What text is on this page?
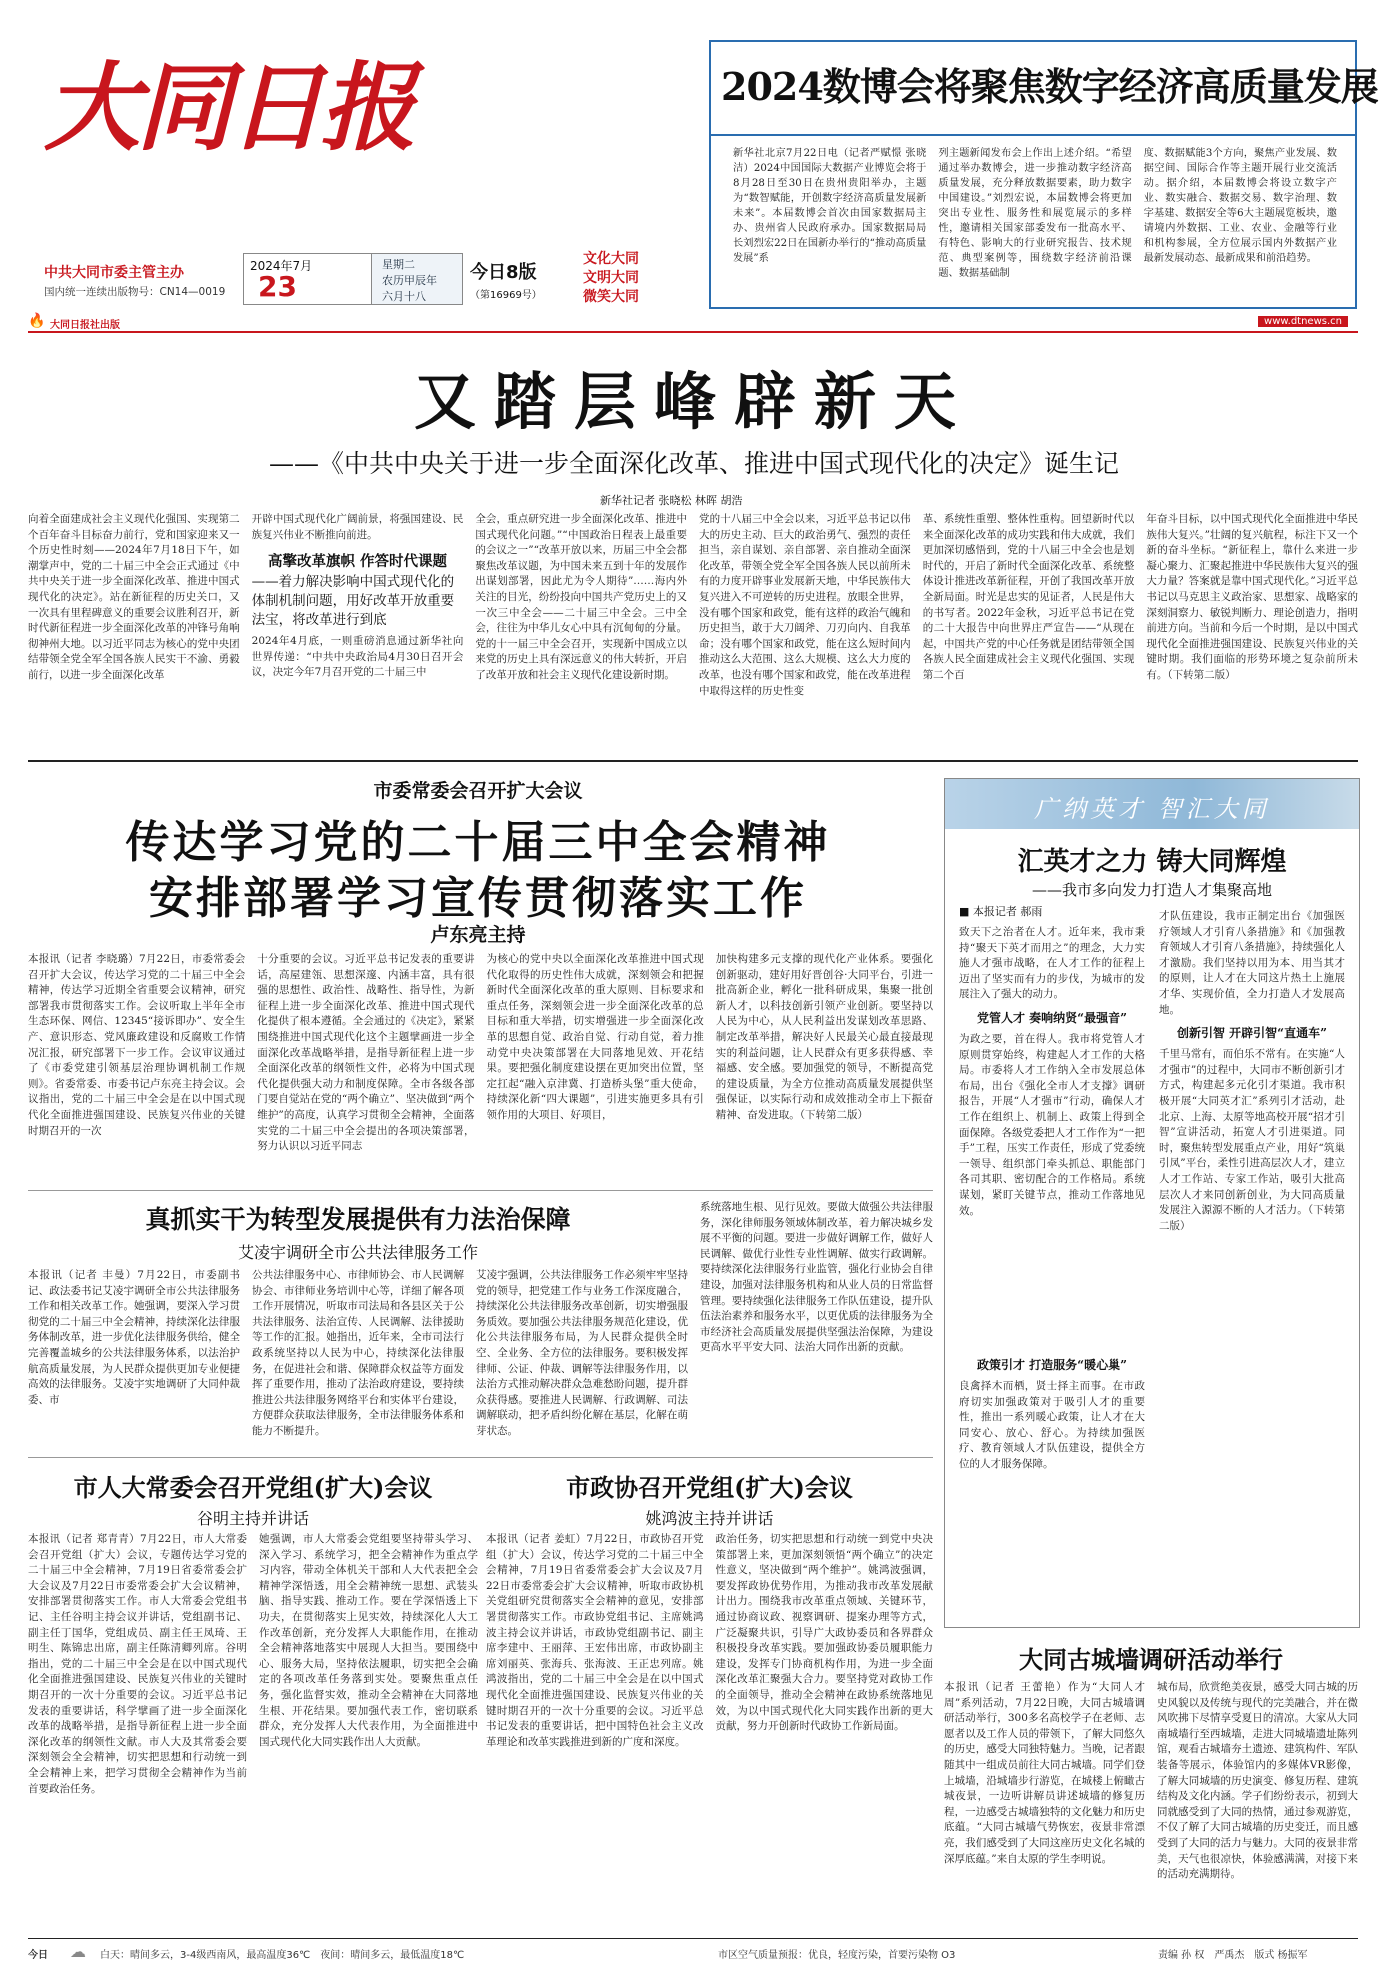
大同日报
中共大同市委主管主办
国内统一连续出版物号：CN14—0019
2024年7月
23
星期二
农历甲辰年
六月十八
今日8版
（第16969号）
文化大同
文明大同
微笑大同
2024数博会将聚焦数字经济高质量发展
新华社北京7月22日电（记者严赋憬 张晓洁）2024中国国际大数据产业博览会将于8月28日至30日在贵州贵阳举办，主题为“数智赋能，开创数字经济高质量发展新未来”。本届数博会首次由国家数据局主办、贵州省人民政府承办。国家数据局局长刘烈宏22日在国新办举行的“推动高质量发展”系
列主题新闻发布会上作出上述介绍。“希望通过举办数博会，进一步推动数字经济高质量发展，充分释放数据要素，助力数字中国建设。”刘烈宏说，本届数博会将更加突出专业性、服务性和展览展示的多样性，邀请相关国家部委发布一批高水平、有特色、影响大的行业研究报告、技术规范、典型案例等，围绕数字经济前沿课题、数据基础制
度、数据赋能3个方向，聚焦产业发展、数据空间、国际合作等主题开展行业交流活动。据介绍，本届数博会将设立数字产业、数实融合、数据交易、数字治理、数字基建、数据安全等6大主题展览板块，邀请境内外数据、工业、农业、金融等行业和机构参展，全方位展示国内外数据产业最新发展动态、最新成果和前沿趋势。
🔥 大同日报社出版	www.dtnews.cn
又踏层峰辟新天
——《中共中央关于进一步全面深化改革、推进中国式现代化的决定》诞生记
新华社记者 张晓松 林晖 胡浩
向着全面建成社会主义现代化强国、实现第二个百年奋斗目标奋力前行，党和国家迎来又一个历史性时刻——2024年7月18日下午，如潮掌声中，党的二十届三中全会正式通过《中共中央关于进一步全面深化改革、推进中国式现代化的决定》。站在新征程的历史关口，又一次具有里程碑意义的重要会议胜利召开，新时代新征程进一步全面深化改革的冲锋号角响彻神州大地。以习近平同志为核心的党中央团结带领全党全军全国各族人民实干不渝、勇毅前行，以进一步全面深化改革
开辟中国式现代化广阔前景，将强国建设、民族复兴伟业不断推向前进。
高擎改革旗帜 作答时代课题
——着力解决影响中国式现代化的体制机制问题，用好改革开放重要法宝，将改革进行到底
2024年4月底，一则重磅消息通过新华社向世界传递：“中共中央政治局4月30日召开会议，决定今年7月召开党的二十届三中
全会，重点研究进一步全面深化改革、推进中国式现代化问题。”“中国政治日程表上最重要的会议之一”“改革开放以来，历届三中全会都聚焦改革议题，为中国未来五到十年的发展作出谋划部署，因此尤为令人期待”……海内外关注的目光，纷纷投向中国共产党历史上的又一次三中全会——二十届三中全会。三中全会，往往为中华儿女心中具有沉甸甸的分量。党的十一届三中全会召开，实现新中国成立以来党的历史上具有深远意义的伟大转折，开启了改革开放和社会主义现代化建设新时期。
党的十八届三中全会以来，习近平总书记以伟大的历史主动、巨大的政治勇气、强烈的责任担当，亲自谋划、亲自部署、亲自推动全面深化改革，带领全党全军全国各族人民以前所未有的力度开辟事业发展新天地，中华民族伟大复兴进入不可逆转的历史进程。放眼全世界，没有哪个国家和政党，能有这样的政治气魄和历史担当，敢于大刀阔斧、刀刃向内、自我革命；没有哪个国家和政党，能在这么短时间内推动这么大范围、这么大规模、这么大力度的改革，也没有哪个国家和政党，能在改革进程中取得这样的历史性变
革、系统性重塑、整体性重构。回望新时代以来全面深化改革的成功实践和伟大成就，我们更加深切感悟到，党的十八届三中全会也是划时代的，开启了新时代全面深化改革、系统整体设计推进改革新征程，开创了我国改革开放全新局面。时光是忠实的见证者，人民是伟大的书写者。2022年金秋，习近平总书记在党的二十大报告中向世界庄严宣告——“从现在起，中国共产党的中心任务就是团结带领全国各族人民全面建成社会主义现代化强国、实现第二个百
年奋斗目标，以中国式现代化全面推进中华民族伟大复兴。”壮阔的复兴航程，标注下又一个新的奋斗坐标。“新征程上，靠什么来进一步凝心聚力、汇聚起推进中华民族伟大复兴的强大力量？答案就是靠中国式现代化。”习近平总书记以马克思主义政治家、思想家、战略家的深刻洞察力、敏锐判断力、理论创造力，指明前进方向。当前和今后一个时期，是以中国式现代化全面推进强国建设、民族复兴伟业的关键时期。我们面临的形势环境之复杂前所未有。（下转第二版）
市委常委会召开扩大会议
传达学习党的二十届三中全会精神
安排部署学习宣传贯彻落实工作
卢东亮主持
本报讯（记者 李晓璐）7月22日，市委常委会召开扩大会议，传达学习党的二十届三中全会精神，传达学习近期全省重要会议精神，研究部署我市贯彻落实工作。会议听取上半年全市生态环保、网信、12345“接诉即办”、安全生产、意识形态、党风廉政建设和反腐败工作情况汇报，研究部署下一步工作。会议审议通过了《市委党建引领基层治理协调机制工作规则》。省委常委、市委书记卢东亮主持会议。会议指出，党的二十届三中全会是在以中国式现代化全面推进强国建设、民族复兴伟业的关键时期召开的一次
十分重要的会议。习近平总书记发表的重要讲话，高屋建瓴、思想深邃、内涵丰富，具有很强的思想性、政治性、战略性、指导性，为新征程上进一步全面深化改革、推进中国式现代化提供了根本遵循。全会通过的《决定》，紧紧围绕推进中国式现代化这个主题擘画进一步全面深化改革战略举措，是指导新征程上进一步全面深化改革的纲领性文件，必将为中国式现代化提供强大动力和制度保障。全市各级各部门要自觉站在党的“两个确立”、坚决做到“两个维护”的高度，认真学习贯彻全会精神，全面落实党的二十届三中全会提出的各项决策部署，努力认识以习近平同志
为核心的党中央以全面深化改革推进中国式现代化取得的历史性伟大成就，深刻领会和把握新时代全面深化改革的重大原则、目标要求和重点任务，深刻领会进一步全面深化改革的总目标和重大举措，切实增强进一步全面深化改革的思想自觉、政治自觉、行动自觉，着力推动党中央决策部署在大同落地见效、开花结果。要把强化制度建设摆在更加突出位置，坚定扛起“融入京津冀、打造桥头堡”重大使命，持续深化新“四大课题”，引进实施更多具有引领作用的大项目、好项目，
加快构建多元支撑的现代化产业体系。要强化创新驱动，建好用好晋创谷·大同平台，引进一批高新企业，孵化一批科研成果，集聚一批创新人才，以科技创新引领产业创新。要坚持以人民为中心，从人民利益出发谋划改革思路、制定改革举措，解决好人民最关心最直接最现实的利益问题，让人民群众有更多获得感、幸福感、安全感。要加强党的领导，不断提高党的建设质量，为全方位推动高质量发展提供坚强保证，以实际行动和成效推动全市上下振奋精神、奋发进取。（下转第二版）
真抓实干为转型发展提供有力法治保障
艾凌宇调研全市公共法律服务工作
本报讯（记者 丰曼）7月22日，市委副书记、政法委书记艾凌宇调研全市公共法律服务工作和相关改革工作。她强调，要深入学习贯彻党的二十届三中全会精神，持续深化法律服务体制改革，进一步优化法律服务供给，健全完善覆盖城乡的公共法律服务体系，以法治护航高质量发展，为人民群众提供更加专业便捷高效的法律服务。艾凌宇实地调研了大同仲裁委、市
公共法律服务中心、市律师协会、市人民调解协会、市律师业务培训中心等，详细了解各项工作开展情况，听取市司法局和各县区关于公共法律服务、法治宣传、人民调解、法律援助等工作的汇报。她指出，近年来，全市司法行政系统坚持以人民为中心，持续深化法律服务，在促进社会和谐、保障群众权益等方面发挥了重要作用，推动了法治政府建设，要持续推进公共法律服务网络平台和实体平台建设，方便群众获取法律服务，全市法律服务体系和能力不断提升。
艾凌宇强调，公共法律服务工作必须牢牢坚持党的领导，把党建工作与业务工作深度融合，持续深化公共法律服务改革创新，切实增强服务质效。要加强公共法律服务规范化建设，优化公共法律服务布局，为人民群众提供全时空、全业务、全方位的法律服务。要积极发挥律师、公证、仲裁、调解等法律服务作用，以法治方式推动解决群众急难愁盼问题，提升群众获得感。要推进人民调解、行政调解、司法调解联动，把矛盾纠纷化解在基层，化解在萌芽状态。
系统落地生根、见行见效。要做大做强公共法律服务，深化律师服务领域体制改革，着力解决城乡发展不平衡的问题。要进一步做好调解工作，做好人民调解、做优行业性专业性调解、做实行政调解。要持续深化法律服务行业监管，强化行业协会自律建设，加强对法律服务机构和从业人员的日常监督管理。要持续强化法律服务工作队伍建设，提升队伍法治素养和服务水平，以更优质的法律服务为全市经济社会高质量发展提供坚强法治保障，为建设更高水平平安大同、法治大同作出新的贡献。
市人大常委会召开党组(扩大)会议
谷明主持并讲话
本报讯（记者 郑青青）7月22日，市人大常委会召开党组（扩大）会议，专题传达学习党的二十届三中全会精神，7月19日省委常委会扩大会议及7月22日市委常委会扩大会议精神，安排部署贯彻落实工作。市人大常委会党组书记、主任谷明主持会议并讲话，党组副书记、副主任丁国华，党组成员、副主任王凤琦、王明生、陈锦忠出席，副主任陈清卿列席。谷明指出，党的二十届三中全会是在以中国式现代化全面推进强国建设、民族复兴伟业的关键时期召开的一次十分重要的会议。习近平总书记发表的重要讲话，科学擘画了进一步全面深化改革的战略举措，是指导新征程上进一步全面深化改革的纲领性文献。市人大及其常委会要深刻领会全会精神，切实把思想和行动统一到全会精神上来，把学习贯彻全会精神作为当前首要政治任务。
她强调，市人大常委会党组要坚持带头学习、深入学习、系统学习，把全会精神作为重点学习内容，带动全体机关干部和人大代表把全会精神学深悟透，用全会精神统一思想、武装头脑、指导实践、推动工作。要在学深悟透上下功夫，在贯彻落实上见实效，持续深化人大工作改革创新，充分发挥人大职能作用，在推动全会精神落地落实中展现人大担当。要围绕中心、服务大局，坚持依法履职，切实把全会确定的各项改革任务落到实处。要聚焦重点任务，强化监督实效，推动全会精神在大同落地生根、开花结果。要加强代表工作，密切联系群众，充分发挥人大代表作用，为全面推进中国式现代化大同实践作出人大贡献。
市政协召开党组(扩大)会议
姚鸿波主持并讲话
本报讯（记者 姜虹）7月22日，市政协召开党组（扩大）会议，传达学习党的二十届三中全会精神，7月19日省委常委会扩大会议及7月22日市委常委会扩大会议精神，听取市政协机关党组研究贯彻落实全会精神的意见，安排部署贯彻落实工作。市政协党组书记、主席姚鸿波主持会议并讲话，市政协党组副书记、副主席李建中、王丽萍、王宏伟出席，市政协副主席刘丽英、张海兵、张海波、王正忠列席。姚鸿波指出，党的二十届三中全会是在以中国式现代化全面推进强国建设、民族复兴伟业的关键时期召开的一次十分重要的会议。习近平总书记发表的重要讲话，把中国特色社会主义改革理论和改革实践推进到新的广度和深度。
政治任务，切实把思想和行动统一到党中央决策部署上来，更加深刻领悟“两个确立”的决定性意义，坚决做到“两个维护”。姚鸿波强调，要发挥政协优势作用，为推动我市改革发展献计出力。围绕我市改革重点领域、关键环节，通过协商议政、视察调研、提案办理等方式，广泛凝聚共识，引导广大政协委员和各界群众积极投身改革实践。要加强政协委员履职能力建设，发挥专门协商机构作用，为进一步全面深化改革汇聚强大合力。要坚持党对政协工作的全面领导，推动全会精神在政协系统落地见效，为以中国式现代化大同实践作出新的更大贡献，努力开创新时代政协工作新局面。
广纳英才 智汇大同
汇英才之力 铸大同辉煌
——我市多向发力打造人才集聚高地
■ 本报记者 郝雨
致天下之治者在人才。近年来，我市秉持“聚天下英才而用之”的理念，大力实施人才强市战略，在人才工作的征程上迈出了坚实而有力的步伐，为城市的发展注入了强大的动力。
党管人才 奏响纳贤“最强音”
为政之要，首在得人。我市将党管人才原则贯穿始终，构建起人才工作的大格局。市委将人才工作纳入全市发展总体布局，出台《强化全市人才支撑》调研报告，开展“人才强市”行动，确保人才工作在组织上、机制上、政策上得到全面保障。各级党委把人才工作作为“一把手”工程，压实工作责任，形成了党委统一领导、组织部门牵头抓总、职能部门各司其职、密切配合的工作格局。系统谋划，紧盯关键节点，推动工作落地见效。
政策引才 打造服务“暖心巢”
良禽择木而栖，贤士择主而事。在市政府切实加强政策对于吸引人才的重要性，推出一系列暖心政策，让人才在大同安心、放心、舒心。为持续加强医疗、教育领域人才队伍建设，提供全方位的人才服务保障。
才队伍建设，我市正制定出台《加强医疗领域人才引育八条措施》和《加强教育领域人才引育八条措施》，持续强化人才激励。我们坚持以用为本、用当其才的原则，让人才在大同这片热土上施展才华、实现价值，全力打造人才发展高地。
创新引智 开辟引智“直通车”
千里马常有，而伯乐不常有。在实施“人才强市”的过程中，大同市不断创新引才方式，构建起多元化引才渠道。我市积极开展“大同英才汇”系列引才活动，赴北京、上海、太原等地高校开展“招才引智”宣讲活动，拓宽人才引进渠道。同时，聚焦转型发展重点产业，用好“筑巢引凤”平台，柔性引进高层次人才，建立人才工作站、专家工作站，吸引大批高层次人才来同创新创业，为大同高质量发展注入源源不断的人才活力。（下转第二版）
大同古城墙调研活动举行
本报讯（记者 王蕾艳）作为“大同人才周”系列活动，7月22日晚，大同古城墙调研活动举行，300多名高校学子在老师、志愿者以及工作人员的带领下，了解大同悠久的历史，感受大同独特魅力。当晚，记者跟随其中一组成员前往大同古城墙。同学们登上城墙，沿城墙步行游览，在城楼上俯瞰古城夜景，一边听讲解员讲述城墙的修复历程，一边感受古城墙独特的文化魅力和历史底蕴。“大同古城墙气势恢宏，夜景非常漂亮，我们感受到了大同这座历史文化名城的深厚底蕴。”来自太原的学生李明说。
城布局，欣赏绝美夜景，感受大同古城的历史风貌以及传统与现代的完美融合，并在微风吹拂下尽情享受夏日的清凉。大家从大同南城墙行至西城墙，走进大同城墙遗址陈列馆，观看古城墙夯土遗迹、建筑构件、军队装备等展示，体验馆内的多媒体VR影像，了解大同城墙的历史演变、修复历程、建筑结构及文化内涵。学子们纷纷表示，初到大同就感受到了大同的热情，通过参观游览，不仅了解了大同古城墙的历史变迁，而且感受到了大同的活力与魅力。大同的夜景非常美，天气也很凉快，体验感满满，对接下来的活动充满期待。
今日 ☁ 白天：晴间多云，3-4级西南风，最高温度36℃　夜间：晴间多云，最低温度18℃	市区空气质量预报：优良，轻度污染，首要污染物 O3	责编 孙 权　严禹杰　版式 杨振军
